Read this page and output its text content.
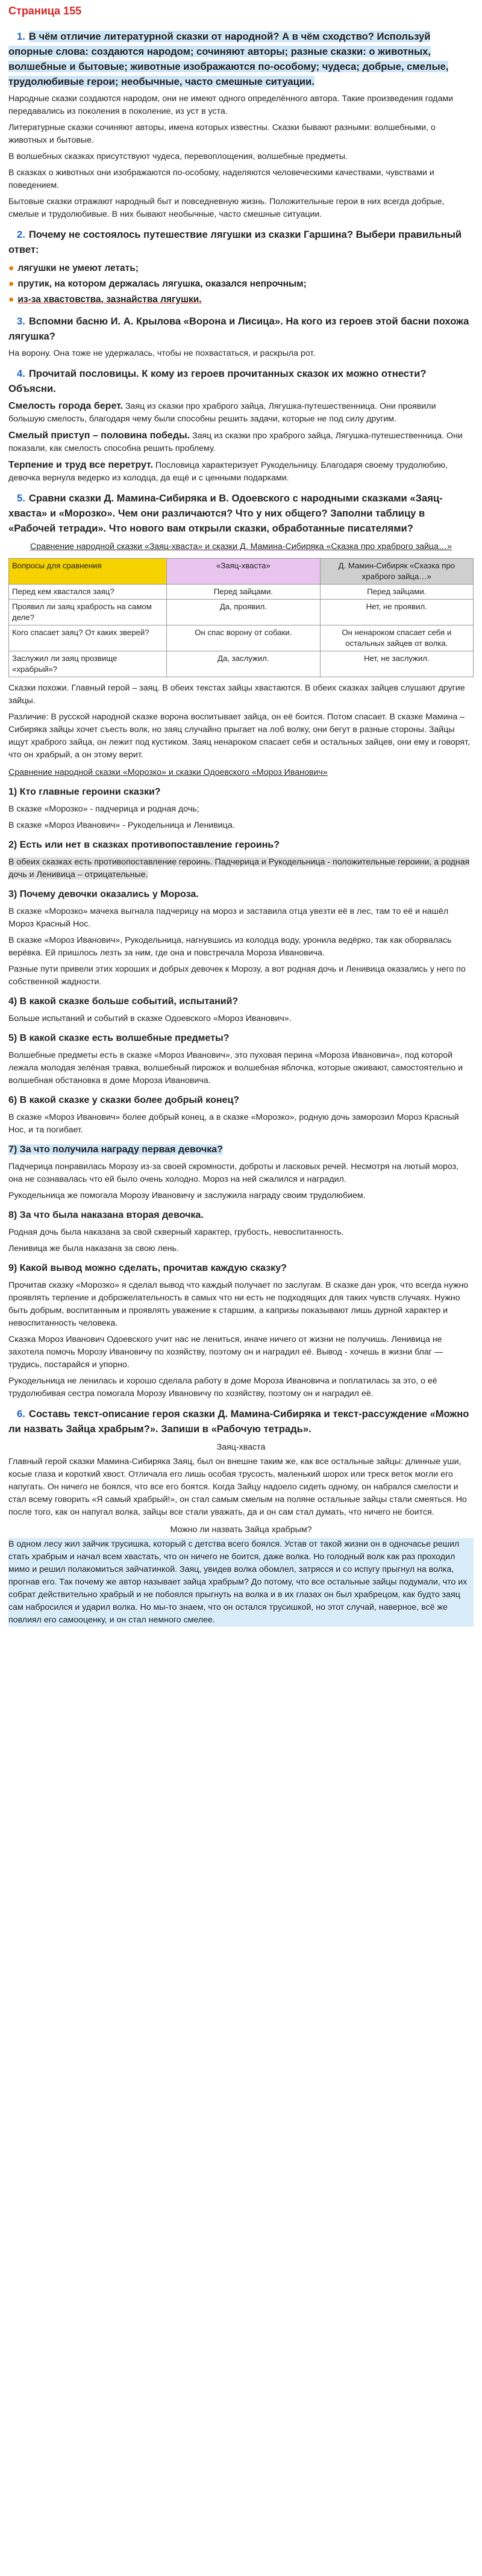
Страница 155
1. В чём отличие литературной сказки от народной? А в чём сходство? Используй опорные слова: создаются народом; сочиняют авторы; разные сказки: о животных, волшебные и бытовые; животные изображаются по-особому; чудеса; добрые, смелые, трудолюбивые герои; необычные, часто смешные ситуации.
Народные сказки создаются народом, они не имеют одного определённого автора. Такие произведения годами передавались из поколения в поколение, из уст в уста.
Литературные сказки сочиняют авторы, имена которых известны. Сказки бывают разными: волшебными, о животных и бытовые.
В волшебных сказках присутствуют чудеса, перевоплощения, волшебные предметы.
В сказках о животных они изображаются по-особому, наделяются человеческими качествами, чувствами и поведением.
Бытовые сказки отражают народный быт и повседневную жизнь. Положительные герои в них всегда добрые, смелые и трудолюбивые. В них бывают необычные, часто смешные ситуации.
2. Почему не состоялось путешествие лягушки из сказки Гаршина? Выбери правильный ответ:
● лягушки не умеют летать;
● прутик, на котором держалась лягушка, оказался непрочным;
● из-за хвастовства, зазнайства лягушки.
3. Вспомни басню И. А. Крылова «Ворона и Лисица». На кого из героев этой басни похожа лягушка?
На ворону. Она тоже не удержалась, чтобы не похвастаться, и раскрыла рот.
4. Прочитай пословицы. К кому из героев прочитанных сказок их можно отнести? Объясни.
Смелость города берет. Заяц из сказки про храброго зайца, Лягушка-путешественница. Они проявили большую смелость, благодаря чему были способны решить задачи, которые не под силу другим.
Смелый приступ – половина победы. Заяц из сказки про храброго зайца, Лягушка-путешественница. Они показали, как смелость способна решить проблему.
Терпение и труд все перетрут. Пословица характеризует Рукодельницу. Благодаря своему трудолюбию, девочка вернула ведерко из колодца, да ещё и с ценными подарками.
5. Сравни сказки Д. Мамина-Сибиряка и В. Одоевского с народными сказками «Заяц-хваста» и «Морозко». Чем они различаются? Что у них общего? Заполни таблицу в «Рабочей тетради». Что нового вам открыли сказки, обработанные писателями?
Сравнение народной сказки «Заяц-хваста» и сказки Д. Мамина-Сибиряка «Сказка про храброго зайца…»
Вопросы для сравнения	«Заяц-хваста»	Д. Мамин-Сибиряк «Сказка про храброго зайца…»
Перед кем хвастался заяц?	Перед зайцами.	Перед зайцами.
Проявил ли заяц храбрость на самом деле?	Да, проявил.	Нет, не проявил.
Кого спасает заяц? От каких зверей?	Он спас ворону от собаки.	Он ненароком спасает себя и остальных зайцев от волка.
Заслужил ли заяц прозвище «храбрый»?	Да, заслужил.	Нет, не заслужил.
Сказки похожи. Главный герой – заяц. В обеих текстах зайцы хвастаются. В обеих сказках зайцев слушают другие зайцы.
Различие: В русской народной сказке ворона воспитывает зайца, он её боится. Потом спасает. В сказке Мамина – Сибиряка зайцы хочет съесть волк, но заяц случайно прыгает на лоб волку, они бегут в разные стороны. Зайцы ищут храброго зайца, он лежит под кустиком. Заяц ненароком спасает себя и остальных зайцев, они ему и говорят, что он храбрый, а он этому верит.
Сравнение народной сказки «Морозко» и сказки Одоевского «Мороз Иванович»
1) Кто главные героини сказки?
В сказке «Морозко» - падчерица и родная дочь;
В сказке «Мороз Иванович» - Рукодельница и Ленивица.
2) Есть или нет в сказках противопоставление героинь?
В обеих сказках есть противопоставление героинь. Падчерица и Рукодельница - положительные героини, а родная дочь и Ленивица – отрицательные.
3) Почему девочки оказались у Мороза.
В сказке «Морозко» мачеха выгнала падчерицу на мороз и заставила отца увезти её в лес, там то её и нашёл Мороз Красный Нос.
В сказке «Мороз Иванович», Рукодельница, нагнувшись из колодца воду, уронила ведёрко, так как оборвалась верёвка. Ей пришлось лезть за ним, где она и повстречала Мороза Ивановича.
Разные пути привели этих хороших и добрых девочек к Морозу, а вот родная дочь и Ленивица оказались у него по собственной жадности.
4) В какой сказке больше событий, испытаний?
Больше испытаний и событий в сказке Одоевского «Мороз Иванович».
5) В какой сказке есть волшебные предметы?
Волшебные предметы есть в сказке «Мороз Иванович», это пуховая перина «Мороза Ивановича», под которой лежала молодая зелёная травка, волшебный пирожок и волшебная яблочка, которые оживают, самостоятельно и волшебная обстановка в доме Мороза Ивановича.
6) В какой сказке у сказки более добрый конец?
В сказке «Мороз Иванович» более добрый конец, а в сказке «Морозко», родную дочь заморозил Мороз Красный Нос, и та погибает.
7) За что получила награду первая девочка?
Падчерица понравилась Морозу из-за своей скромности, доброты и ласковых речей. Несмотря на лютый мороз, она не сознавалась что ей было очень холодно. Мороз на ней сжалился и наградил.
Рукодельница же помогала Морозу Ивановичу и заслужила награду своим трудолюбием.
8) За что была наказана вторая девочка.
Родная дочь была наказана за свой скверный характер, грубость, невоспитанность.
Ленивица же была наказана за свою лень.
9) Какой вывод можно сделать, прочитав каждую сказку?
Прочитав сказку «Морозко» я сделал вывод что каждый получает по заслугам. В сказке дан урок, что всегда нужно проявлять терпение и доброжелательность в самых что ни есть не подходящих для таких чувств случаях. Нужно быть добрым, воспитанным и проявлять уважение к старшим, а капризы показывают лишь дурной характер и невоспитанность человека.
Сказка Мороз Иванович Одоевского учит нас не лениться, иначе ничего от жизни не получишь. Ленивица не захотела помочь Морозу Ивановичу по хозяйству, поэтому он и наградил её. Вывод - хочешь в жизни благ — трудись, постарайся и упорно.
Рукодельница не ленилась и хорошо сделала работу в доме Мороза Ивановича и поплатилась за это, о её трудолюбивая сестра помогала Морозу Ивановичу по хозяйству, поэтому он и наградил её.
6. Составь текст-описание героя сказки Д. Мамина-Сибиряка и текст-рассуждение «Можно ли назвать Зайца храбрым?». Запиши в «Рабочую тетрадь».
Заяц-хваста
Главный герой сказки Мамина-Сибиряка Заяц, был он внешне таким же, как все остальные зайцы: длинные уши, косые глаза и короткий хвост. Отличала его лишь особая трусость, маленький шорох или треск веток могли его напугать. Он ничего не боялся, что все его боятся. Когда Зайцу надоело сидеть одному, он набрался смелости и стал всему говорить «Я самый храбрый!», он стал самым смелым на поляне остальные зайцы стали смеяться. Но после того, как он напугал волка, зайцы все стали уважать, да и он сам стал думать, что ничего не боится.
Можно ли назвать Зайца храбрым?
В одном лесу жил зайчик трусишка, который с детства всего боялся. Устав от такой жизни он в одночасье решил стать храбрым и начал всем хвастать, что он ничего не боится, даже волка. Но голодный волк как раз проходил мимо и решил полакомиться зайчатинкой. Заяц, увидев волка обомлел, затрясся и со испугу прыгнул на волка, прогнав его. Так почему же автор называет зайца храбрым? До потому, что все остальные зайцы подумали, что их собрат действительно храбрый и не побоялся прыгнуть на волка и в их глазах он был храбрецом, как будто заяц сам набросился и ударил волка. Но мы-то знаем, что он остался трусишкой, но этот случай, наверное, всё же повлиял его самооценку, и он стал немного смелее.
